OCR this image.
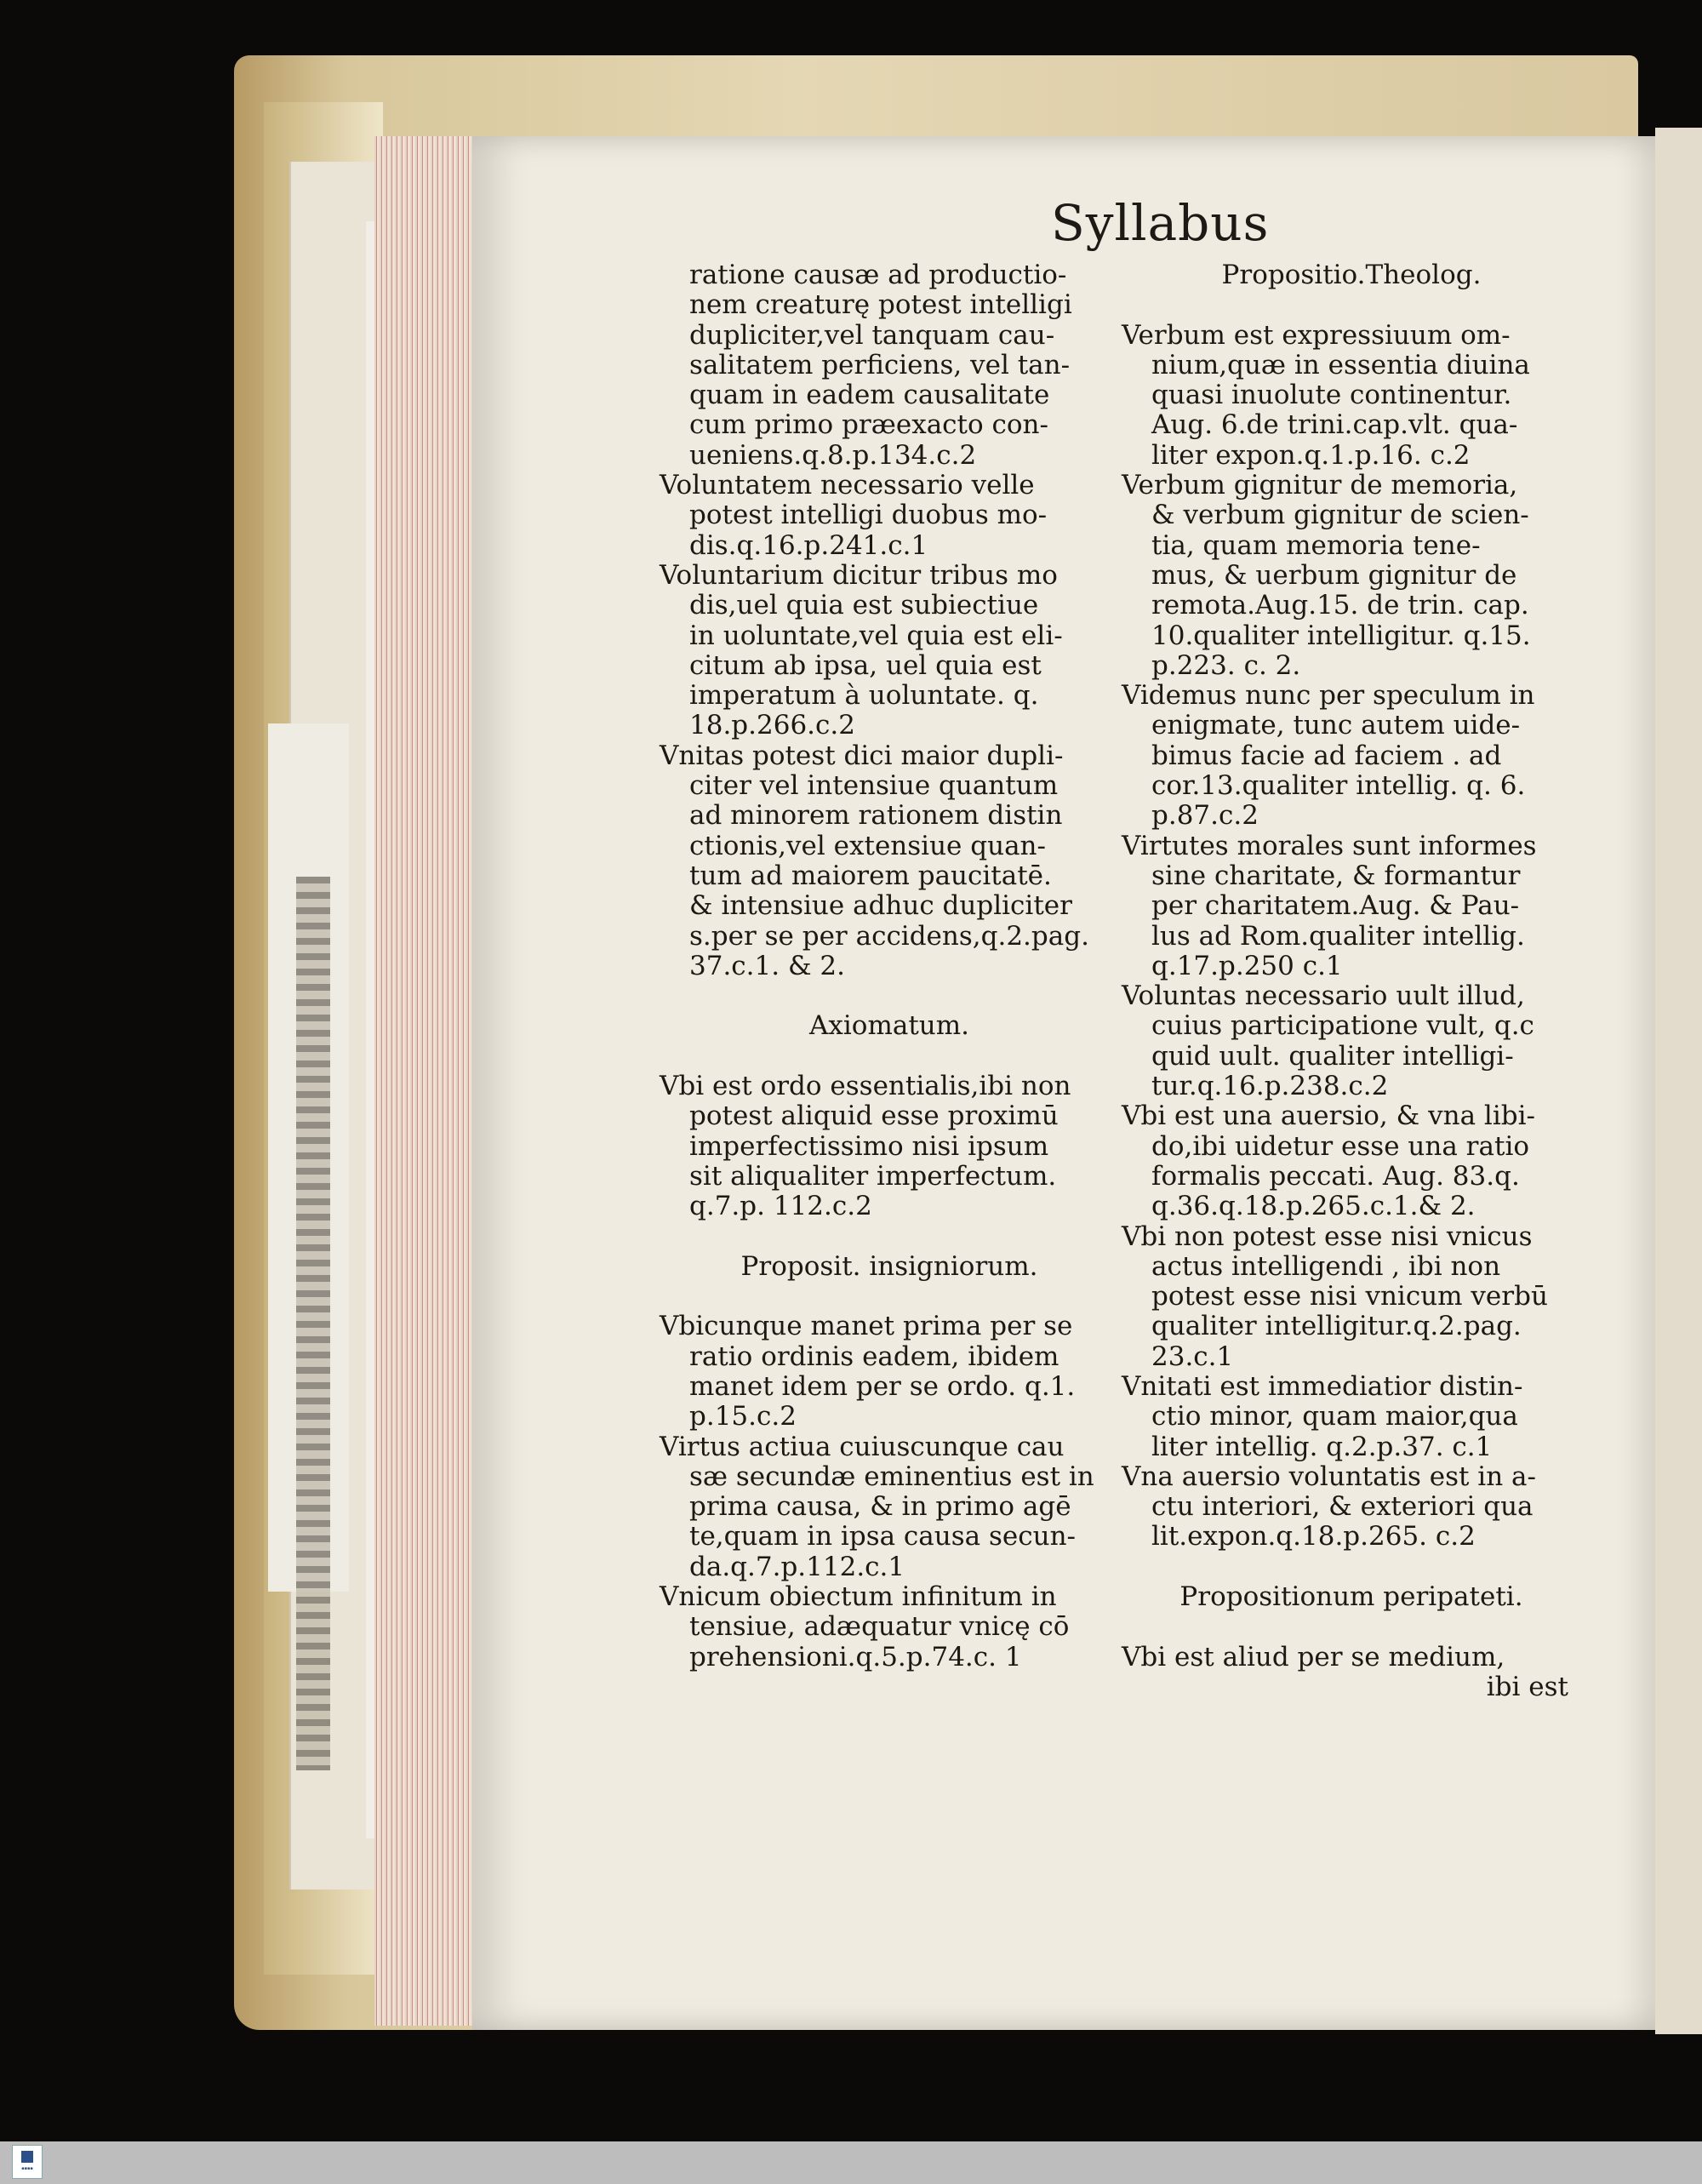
Syllabus
ratione causæ ad productio-
nem creaturę potest intelligi
dupliciter,vel tanquam cau-
salitatem perficiens, vel tan-
quam in eadem causalitate
cum primo præexacto con-
ueniens.q.8.p.134.c.2
Voluntatem necessario velle
potest intelligi duobus mo-
dis.q.16.p.241.c.1
Voluntarium dicitur tribus mo
dis,uel quia est subiectiue
in uoluntate,vel quia est eli-
citum ab ipsa, uel quia est
imperatum à uoluntate. q.
18.p.266.c.2
Vnitas potest dici maior dupli-
citer vel intensiue quantum
ad minorem rationem distin
ctionis,vel extensiue quan-
tum ad maiorem paucitatē.
& intensiue adhuc dupliciter
s.per se per accidens,q.2.pag.
37.c.1. & 2.
Axiomatum.
Vbi est ordo essentialis,ibi non
potest aliquid esse proximū
imperfectissimo nisi ipsum
sit aliqualiter imperfectum.
q.7.p. 112.c.2
Proposit. insigniorum.
Vbicunque manet prima per se
ratio ordinis eadem, ibidem
manet idem per se ordo. q.1.
p.15.c.2
Virtus actiua cuiuscunque cau
sæ secundæ eminentius est in
prima causa, & in primo agē
te,quam in ipsa causa secun-
da.q.7.p.112.c.1
Vnicum obiectum infinitum in
tensiue, adæquatur vnicę cō
prehensioni.q.5.p.74.c. 1
Propositio.Theolog.
Verbum est expressiuum om-
nium,quæ in essentia diuina
quasi inuolute continentur.
Aug. 6.de trini.cap.vlt. qua-
liter expon.q.1.p.16. c.2
Verbum gignitur de memoria,
& verbum gignitur de scien-
tia, quam memoria tene-
mus, & uerbum gignitur de
remota.Aug.15. de trin. cap.
10.qualiter intelligitur. q.15.
p.223. c. 2.
Videmus nunc per speculum in
enigmate, tunc autem uide-
bimus facie ad faciem . ad
cor.13.qualiter intellig. q. 6.
p.87.c.2
Virtutes morales sunt informes
sine charitate, & formantur
per charitatem.Aug. & Pau-
lus ad Rom.qualiter intellig.
q.17.p.250 c.1
Voluntas necessario uult illud,
cuius participatione vult, q.c
quid uult. qualiter intelligi-
tur.q.16.p.238.c.2
Vbi est una auersio, & vna libi-
do,ibi uidetur esse una ratio
formalis peccati. Aug. 83.q.
q.36.q.18.p.265.c.1.& 2.
Vbi non potest esse nisi vnicus
actus intelligendi , ibi non
potest esse nisi vnicum verbū
qualiter intelligitur.q.2.pag.
23.c.1
Vnitati est immediatior distin-
ctio minor, quam maior,qua
liter intellig. q.2.p.37. c.1
Vna auersio voluntatis est in a-
ctu interiori, & exteriori qua
lit.expon.q.18.p.265. c.2
Propositionum peripateti.
Vbi est aliud per se medium,
ibi est
▪▪▪▪
